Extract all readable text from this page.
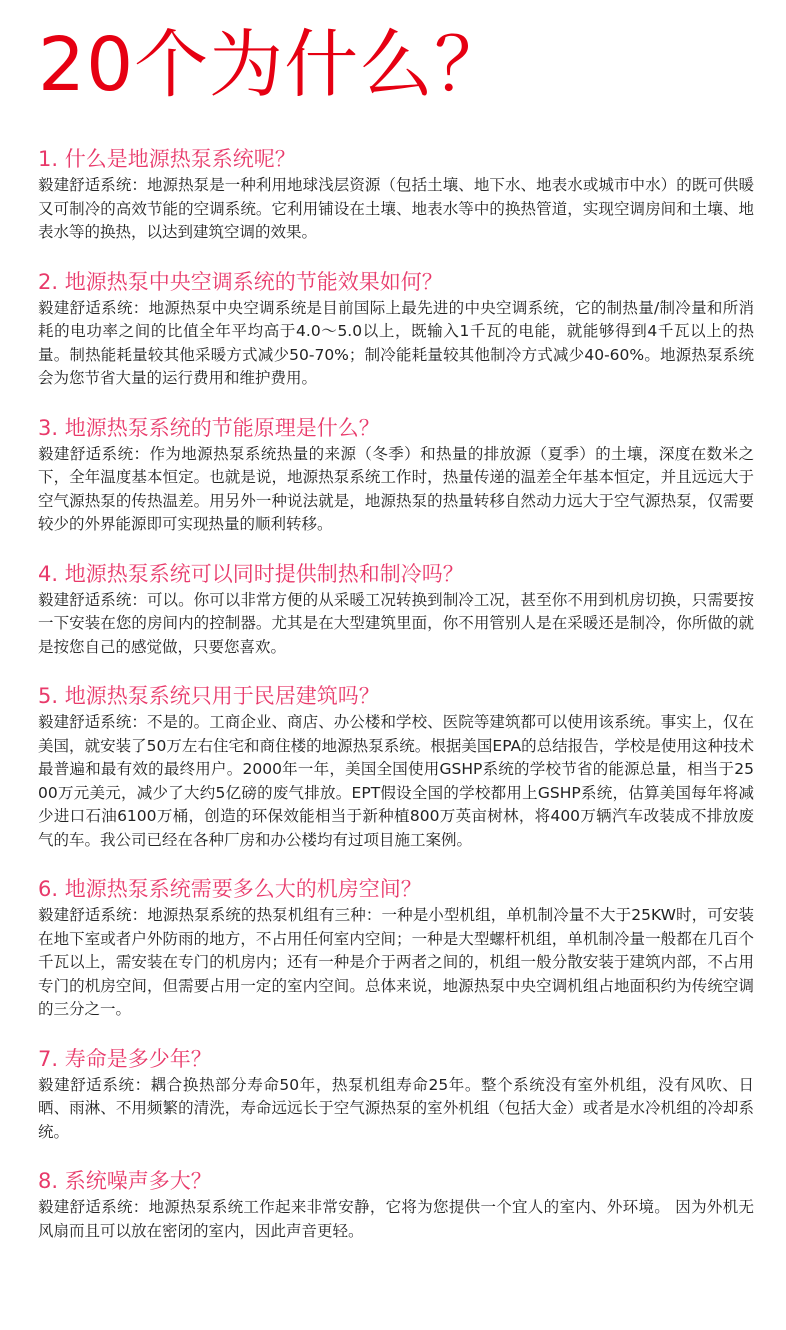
20个为什么？
1. 什么是地源热泵系统呢？

毅建舒适系统：地源热泵是一种利用地球浅层资源（包括土壤、地下水、地表水或城市中水）的既可供暖又可制冷的高效节能的空调系统。它利用铺设在土壤、地表水等中的换热管道，实现空调房间和土壤、地表水等的换热，以达到建筑空调的效果。

2. 地源热泵中央空调系统的节能效果如何？

毅建舒适系统：地源热泵中央空调系统是目前国际上最先进的中央空调系统，它的制热量/制冷量和所消耗的电功率之间的比值全年平均高于4.0～5.0以上，既输入1千瓦的电能，就能够得到4千瓦以上的热量。制热能耗量较其他采暖方式减少50-70%；制冷能耗量较其他制冷方式减少40-60%。地源热泵系统会为您节省大量的运行费用和维护费用。

3. 地源热泵系统的节能原理是什么？

毅建舒适系统：作为地源热泵系统热量的来源（冬季）和热量的排放源（夏季）的土壤，深度在数米之下，全年温度基本恒定。也就是说，地源热泵系统工作时，热量传递的温差全年基本恒定，并且远远大于空气源热泵的传热温差。用另外一种说法就是，地源热泵的热量转移自然动力远大于空气源热泵，仅需要较少的外界能源即可实现热量的顺利转移。

4. 地源热泵系统可以同时提供制热和制冷吗？

毅建舒适系统：可以。你可以非常方便的从采暖工况转换到制冷工况，甚至你不用到机房切换，只需要按一下安装在您的房间内的控制器。尤其是在大型建筑里面，你不用管别人是在采暖还是制冷，你所做的就是按您自己的感觉做，只要您喜欢。

5. 地源热泵系统只用于民居建筑吗？

毅建舒适系统：不是的。工商企业、商店、办公楼和学校、医院等建筑都可以使用该系统。事实上，仅在美国，就安装了50万左右住宅和商住楼的地源热泵系统。根据美国EPA的总结报告，学校是使用这种技术最普遍和最有效的最终用户。2000年一年，美国全国使用GSHP系统的学校节省的能源总量，相当于2500万元美元，减少了大约5亿磅的废气排放。EPT假设全国的学校都用上GSHP系统，估算美国每年将减少进口石油6100万桶，创造的环保效能相当于新种植800万英亩树林，将400万辆汽车改装成不排放废气的车。我公司已经在各种厂房和办公楼均有过项目施工案例。

6. 地源热泵系统需要多么大的机房空间？

毅建舒适系统：地源热泵系统的热泵机组有三种：一种是小型机组，单机制冷量不大于25KW时，可安装在地下室或者户外防雨的地方，不占用任何室内空间；一种是大型螺杆机组，单机制冷量一般都在几百个千瓦以上，需安装在专门的机房内；还有一种是介于两者之间的，机组一般分散安装于建筑内部，不占用专门的机房空间，但需要占用一定的室内空间。总体来说，地源热泵中央空调机组占地面积约为传统空调的三分之一。

7. 寿命是多少年？

毅建舒适系统：耦合换热部分寿命50年，热泵机组寿命25年。整个系统没有室外机组，没有风吹、日晒、雨淋、不用频繁的清洗，寿命远远长于空气源热泵的室外机组（包括大金）或者是水冷机组的冷却系统。

8. 系统噪声多大？

毅建舒适系统：地源热泵系统工作起来非常安静，它将为您提供一个宜人的室内、外环境。 因为外机无风扇而且可以放在密闭的室内，因此声音更轻。
